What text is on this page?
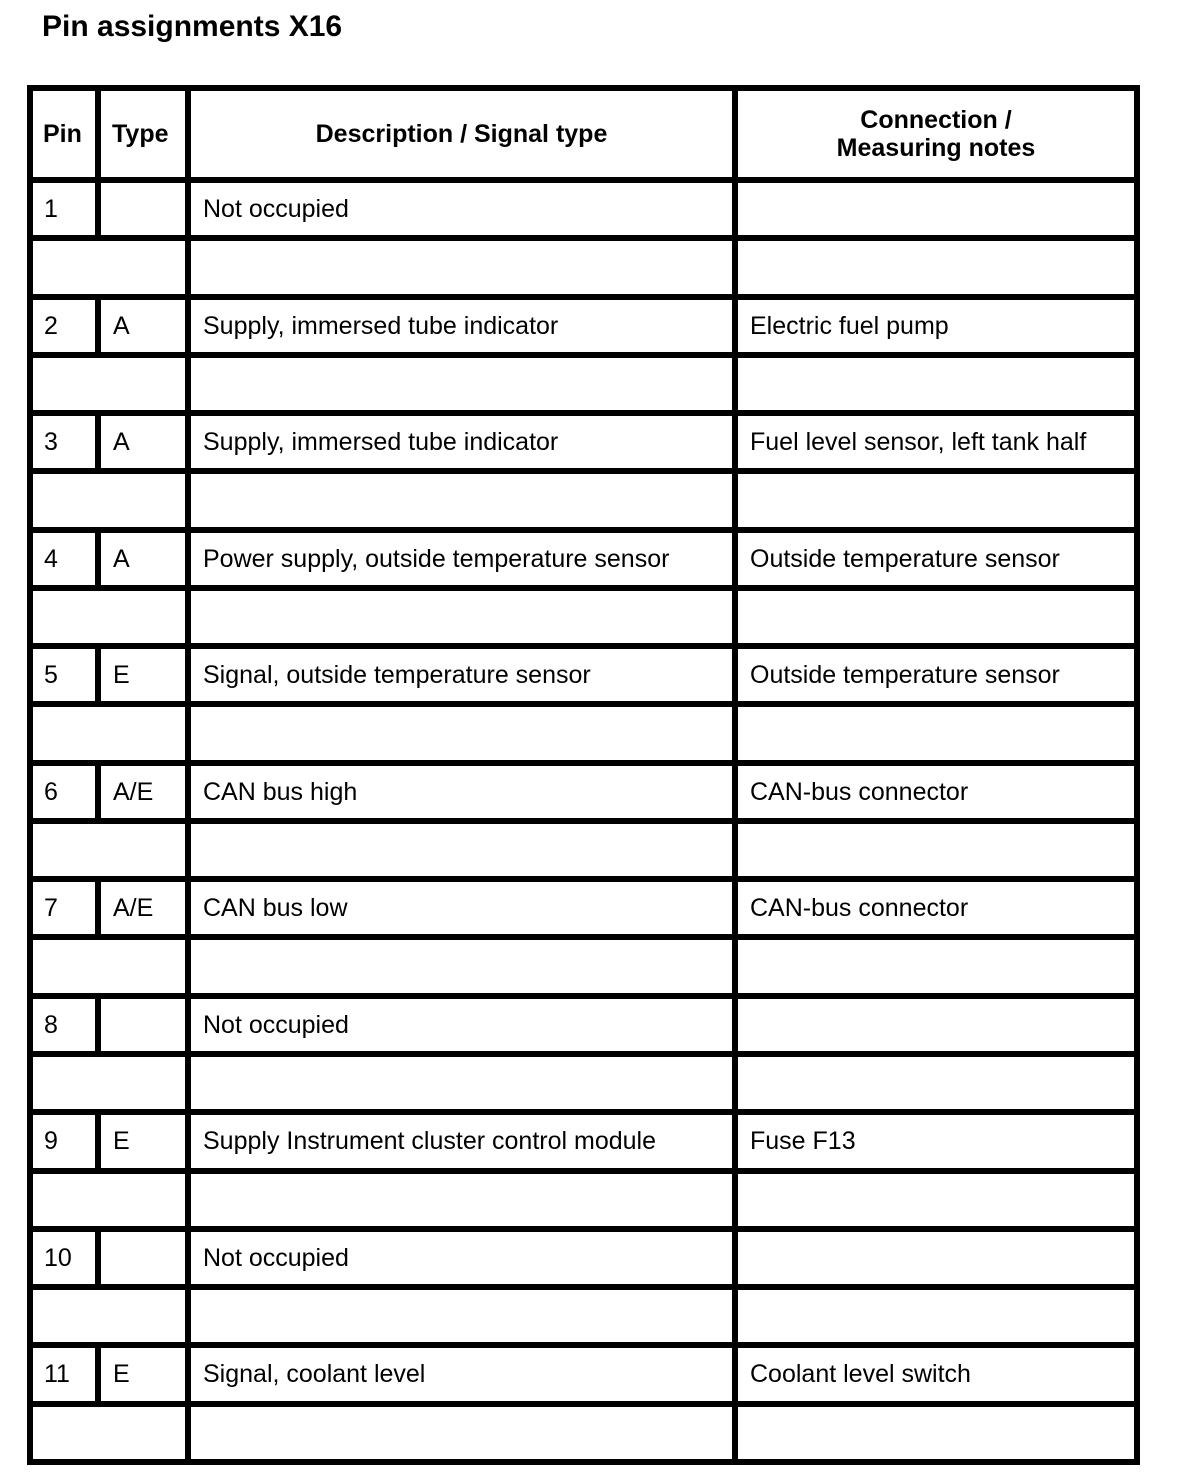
Pin assignments X16
Pin	Type	Description / Signal type	Connection /
Measuring notes

1		Not occupied	

2	A	Supply, immersed tube indicator	Electric fuel pump

3	A	Supply, immersed tube indicator	Fuel level sensor, left tank half

4	A	Power supply, outside temperature sensor	Outside temperature sensor

5	E	Signal, outside temperature sensor	Outside temperature sensor

6	A/E	CAN bus high	CAN-bus connector

7	A/E	CAN bus low	CAN-bus connector

8		Not occupied	

9	E	Supply Instrument cluster control module	Fuse F13

10		Not occupied	

11	E	Signal, coolant level	Coolant level switch
